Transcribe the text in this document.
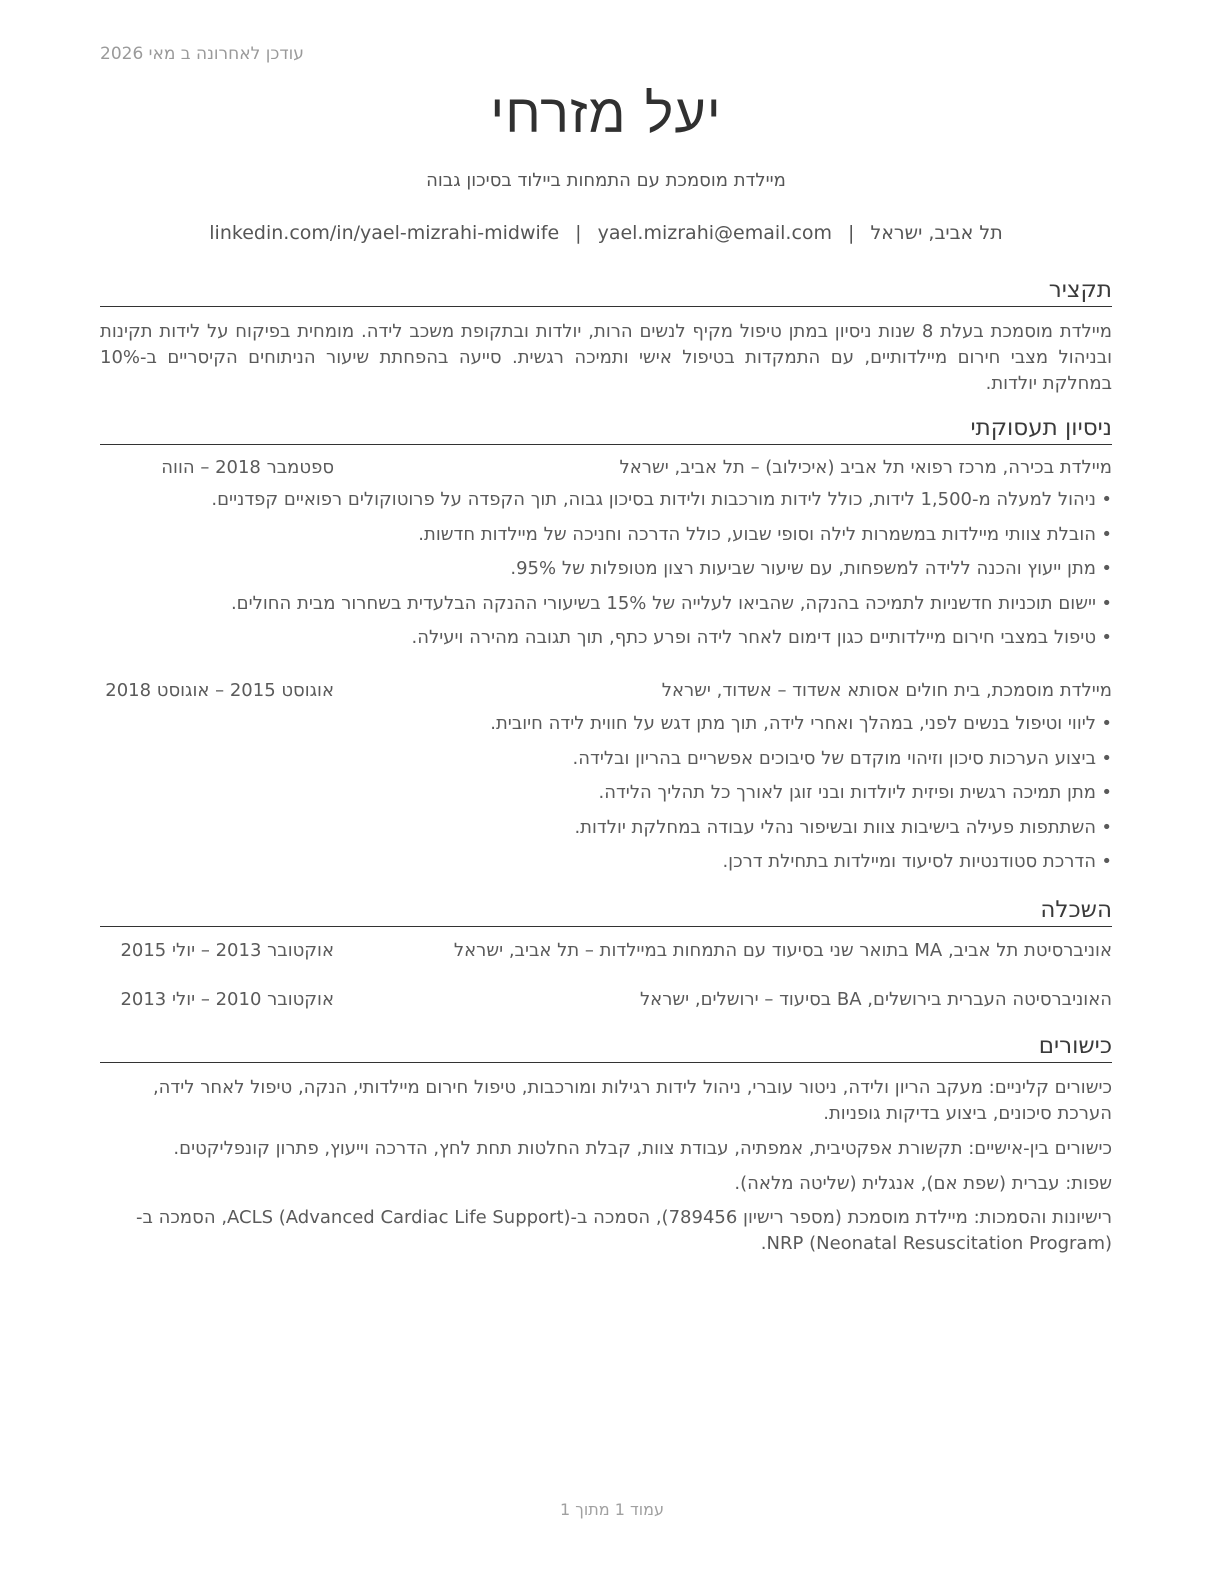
עודכן לאחרונה ב מאי 2026
יעל מזרחי
מיילדת מוסמכת עם התמחות ביילוד בסיכון גבוה
תל אביב, ישראל|yael.mizrahi@email.com|linkedin.com/in/yael-mizrahi-midwife
תקציר
מיילדת מוסמכת בעלת 8 שנות ניסיון במתן טיפול מקיף לנשים הרות, יולדות ובתקופת משכב לידה. מומחית בפיקוח על לידות תקינות ובניהול מצבי חירום מיילדותיים, עם התמקדות בטיפול אישי ותמיכה רגשית. סייעה בהפחתת שיעור הניתוחים הקיסריים ב-10% במחלקת יולדות.
ניסיון תעסוקתי
מיילדת בכירה, מרכז רפואי תל אביב (איכילוב) – תל אביב, ישראל
ספטמבר 2018 – הווה
• ניהול למעלה מ-1,500 לידות, כולל לידות מורכבות ולידות בסיכון גבוה, תוך הקפדה על פרוטוקולים רפואיים קפדניים.
• הובלת צוותי מיילדות במשמרות לילה וסופי שבוע, כולל הדרכה וחניכה של מיילדות חדשות.
• מתן ייעוץ והכנה ללידה למשפחות, עם שיעור שביעות רצון מטופלות של 95%.
• יישום תוכניות חדשניות לתמיכה בהנקה, שהביאו לעלייה של 15% בשיעורי ההנקה הבלעדית בשחרור מבית החולים.
• טיפול במצבי חירום מיילדותיים כגון דימום לאחר לידה ופרע כתף, תוך תגובה מהירה ויעילה.
מיילדת מוסמכת, בית חולים אסותא אשדוד – אשדוד, ישראל
אוגוסט 2015 – אוגוסט 2018
• ליווי וטיפול בנשים לפני, במהלך ואחרי לידה, תוך מתן דגש על חווית לידה חיובית.
• ביצוע הערכות סיכון וזיהוי מוקדם של סיבוכים אפשריים בהריון ובלידה.
• מתן תמיכה רגשית ופיזית ליולדות ובני זוגן לאורך כל תהליך הלידה.
• השתתפות פעילה בישיבות צוות ובשיפור נהלי עבודה במחלקת יולדות.
• הדרכת סטודנטיות לסיעוד ומיילדות בתחילת דרכן.
השכלה
אוניברסיטת תל אביב, MA בתואר שני בסיעוד עם התמחות במיילדות – תל אביב, ישראל
אוקטובר 2013 – יולי 2015
האוניברסיטה העברית בירושלים, BA בסיעוד – ירושלים, ישראל
אוקטובר 2010 – יולי 2013
כישורים
כישורים קליניים: מעקב הריון ולידה, ניטור עוברי, ניהול לידות רגילות ומורכבות, טיפול חירום מיילדותי, הנקה, טיפול לאחר לידה, הערכת סיכונים, ביצוע בדיקות גופניות.
כישורים בין-אישיים: תקשורת אפקטיבית, אמפתיה, עבודת צוות, קבלת החלטות תחת לחץ, הדרכה וייעוץ, פתרון קונפליקטים.
שפות: עברית (שפת אם), אנגלית (שליטה מלאה).
רישיונות והסמכות: מיילדת מוסמכת (מספר רישיון 789456), הסמכה ב-ACLS (Advanced Cardiac Life Support), הסמכה ב-NRP (Neonatal Resuscitation Program).
עמוד 1 מתוך 1
